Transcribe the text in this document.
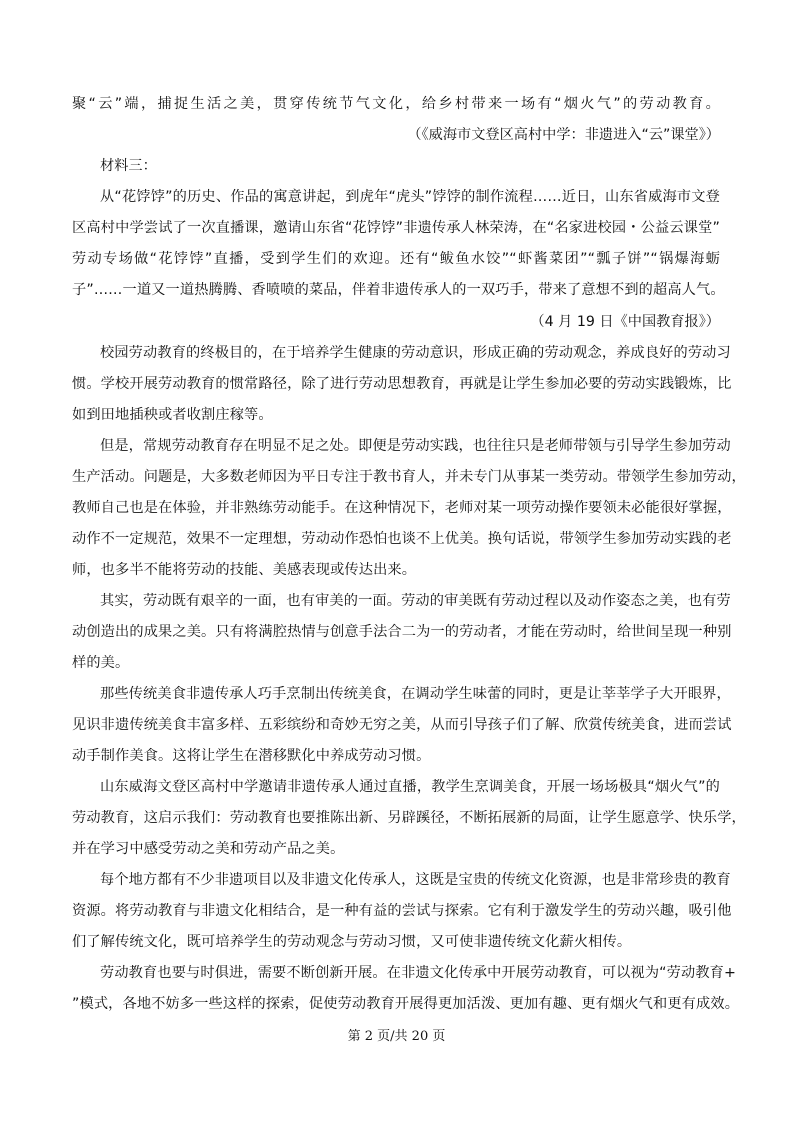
聚“云”端，捕捉生活之美，贯穿传统节气文化，给乡村带来一场有“烟火气”的劳动教育。
（《威海市文登区高村中学：非遗进入“云”课堂》）
材料三：
从“花饽饽”的历史、作品的寓意讲起，到虎年“虎头”饽饽的制作流程……近日，山东省威海市文登
区高村中学尝试了一次直播课，邀请山东省“花饽饽”非遗传承人林荣涛，在“名家进校园・公益云课堂”
劳动专场做“花饽饽”直播，受到学生们的欢迎。还有“鲅鱼水饺”“虾酱菜团”“瓢子饼”“锅爆海蛎
子”……一道又一道热腾腾、香喷喷的菜品，伴着非遗传承人的一双巧手，带来了意想不到的超高人气。
（4 月 19 日《中国教育报》）
校园劳动教育的终极目的，在于培养学生健康的劳动意识，形成正确的劳动观念，养成良好的劳动习
惯。学校开展劳动教育的惯常路径，除了进行劳动思想教育，再就是让学生参加必要的劳动实践锻炼，比
如到田地插秧或者收割庄稼等。
但是，常规劳动教育存在明显不足之处。即便是劳动实践，也往往只是老师带领与引导学生参加劳动
生产活动。问题是，大多数老师因为平日专注于教书育人，并未专门从事某一类劳动。带领学生参加劳动，
教师自己也是在体验，并非熟练劳动能手。在这种情况下，老师对某一项劳动操作要领未必能很好掌握，
动作不一定规范，效果不一定理想，劳动动作恐怕也谈不上优美。换句话说，带领学生参加劳动实践的老
师，也多半不能将劳动的技能、美感表现或传达出来。
其实，劳动既有艰辛的一面，也有审美的一面。劳动的审美既有劳动过程以及动作姿态之美，也有劳
动创造出的成果之美。只有将满腔热情与创意手法合二为一的劳动者，才能在劳动时，给世间呈现一种别
样的美。
那些传统美食非遗传承人巧手烹制出传统美食，在调动学生味蕾的同时，更是让莘莘学子大开眼界，
见识非遗传统美食丰富多样、五彩缤纷和奇妙无穷之美，从而引导孩子们了解、欣赏传统美食，进而尝试
动手制作美食。这将让学生在潜移默化中养成劳动习惯。
山东威海文登区高村中学邀请非遗传承人通过直播，教学生烹调美食，开展一场场极具“烟火气”的
劳动教育，这启示我们：劳动教育也要推陈出新、另辟蹊径，不断拓展新的局面，让学生愿意学、快乐学，
并在学习中感受劳动之美和劳动产品之美。
每个地方都有不少非遗项目以及非遗文化传承人，这既是宝贵的传统文化资源，也是非常珍贵的教育
资源。将劳动教育与非遗文化相结合，是一种有益的尝试与探索。它有利于激发学生的劳动兴趣，吸引他
们了解传统文化，既可培养学生的劳动观念与劳动习惯，又可使非遗传统文化薪火相传。
劳动教育也要与时俱进，需要不断创新开展。在非遗文化传承中开展劳动教育，可以视为“劳动教育+
”模式，各地不妨多一些这样的探索，促使劳动教育开展得更加活泼、更加有趣、更有烟火气和更有成效。
第 2 页/共 20 页
